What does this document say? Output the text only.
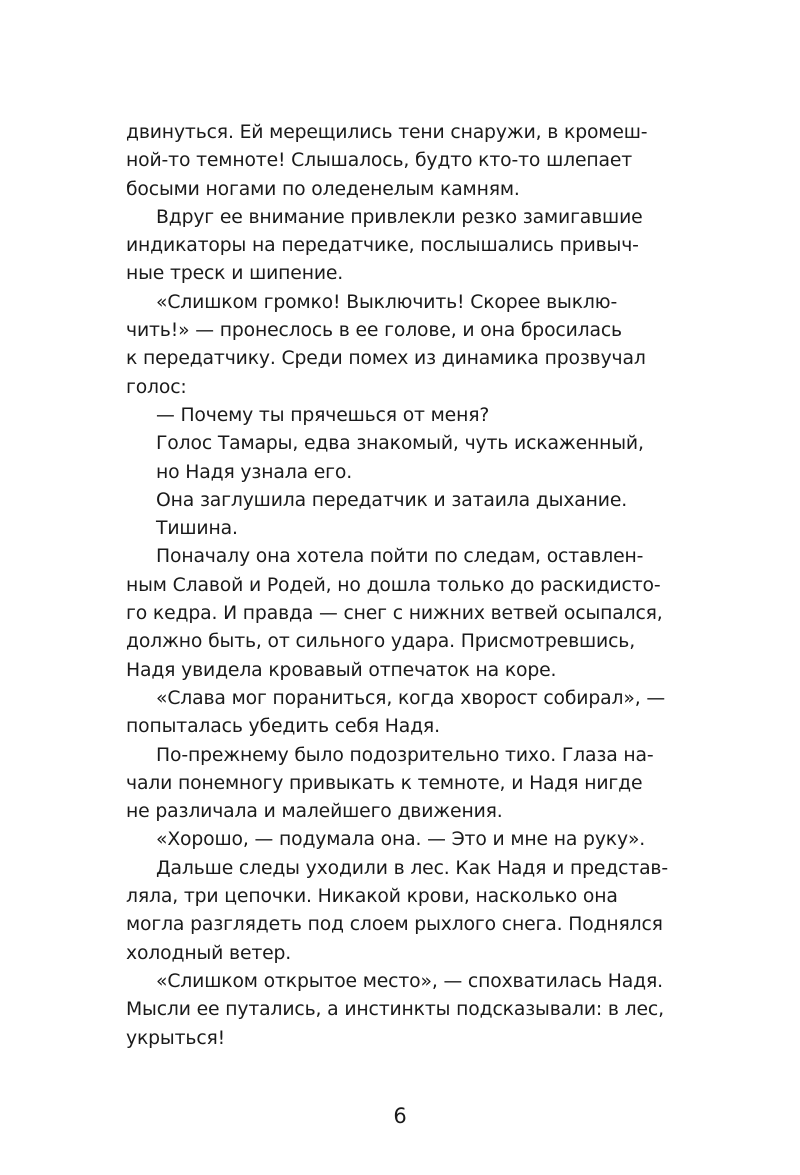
двинуться. Ей мерещились тени снаружи, в кромеш-
ной-то темноте! Слышалось, будто кто-то шлепает
босыми ногами по оледенелым камням.
Вдруг ее внимание привлекли резко замигавшие
индикаторы на передатчике, послышались привыч-
ные треск и шипение.
«Слишком громко! Выключить! Скорее выклю-
чить!» — пронеслось в ее голове, и она бросилась
к передатчику. Среди помех из динамика прозвучал
голос:
— Почему ты прячешься от меня?
Голос Тамары, едва знакомый, чуть искаженный,
но Надя узнала его.
Она заглушила передатчик и затаила дыхание.
Тишина.
Поначалу она хотела пойти по следам, оставлен-
ным Славой и Родей, но дошла только до раскидисто-
го кедра. И правда — снег с нижних ветвей осыпался,
должно быть, от сильного удара. Присмотревшись,
Надя увидела кровавый отпечаток на коре.
«Слава мог пораниться, когда хворост собирал», —
попыталась убедить себя Надя.
По-прежнему было подозрительно тихо. Глаза на-
чали понемногу привыкать к темноте, и Надя нигде
не различала и малейшего движения.
«Хорошо, — подумала она. — Это и мне на руку».
Дальше следы уходили в лес. Как Надя и представ-
ляла, три цепочки. Никакой крови, насколько она
могла разглядеть под слоем рыхлого снега. Поднялся
холодный ветер.
«Слишком открытое место», — спохватилась Надя.
Мысли ее путались, а инстинкты подсказывали: в лес,
укрыться!
6
